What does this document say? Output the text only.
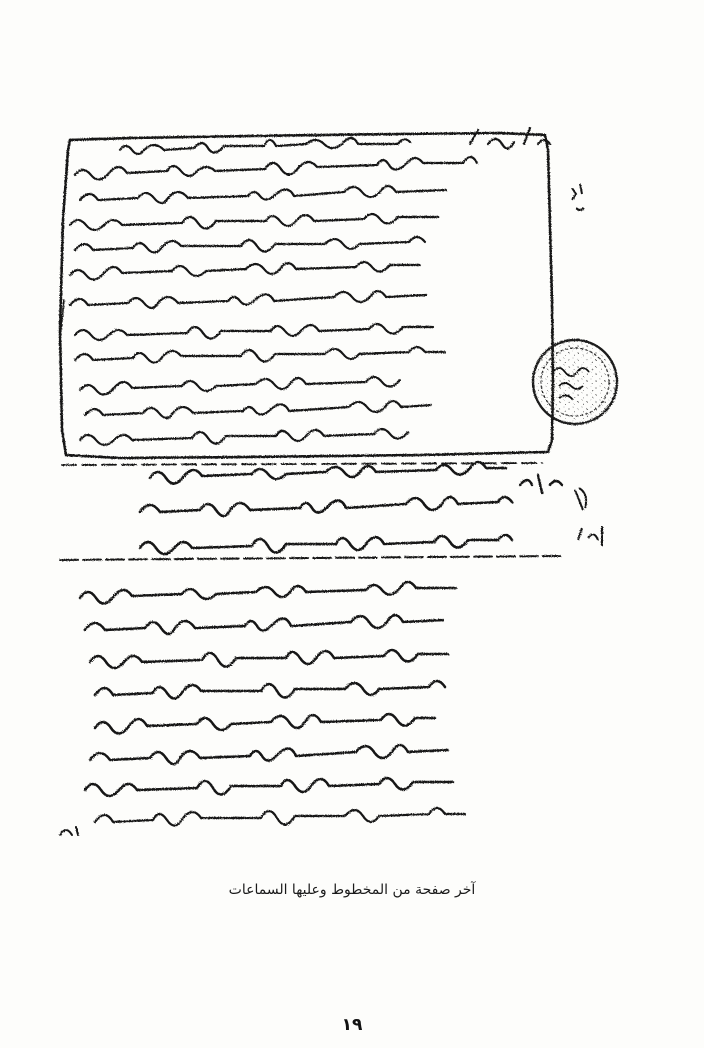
آخر صفحة من المخطوط وعليها السماعات
١٩
